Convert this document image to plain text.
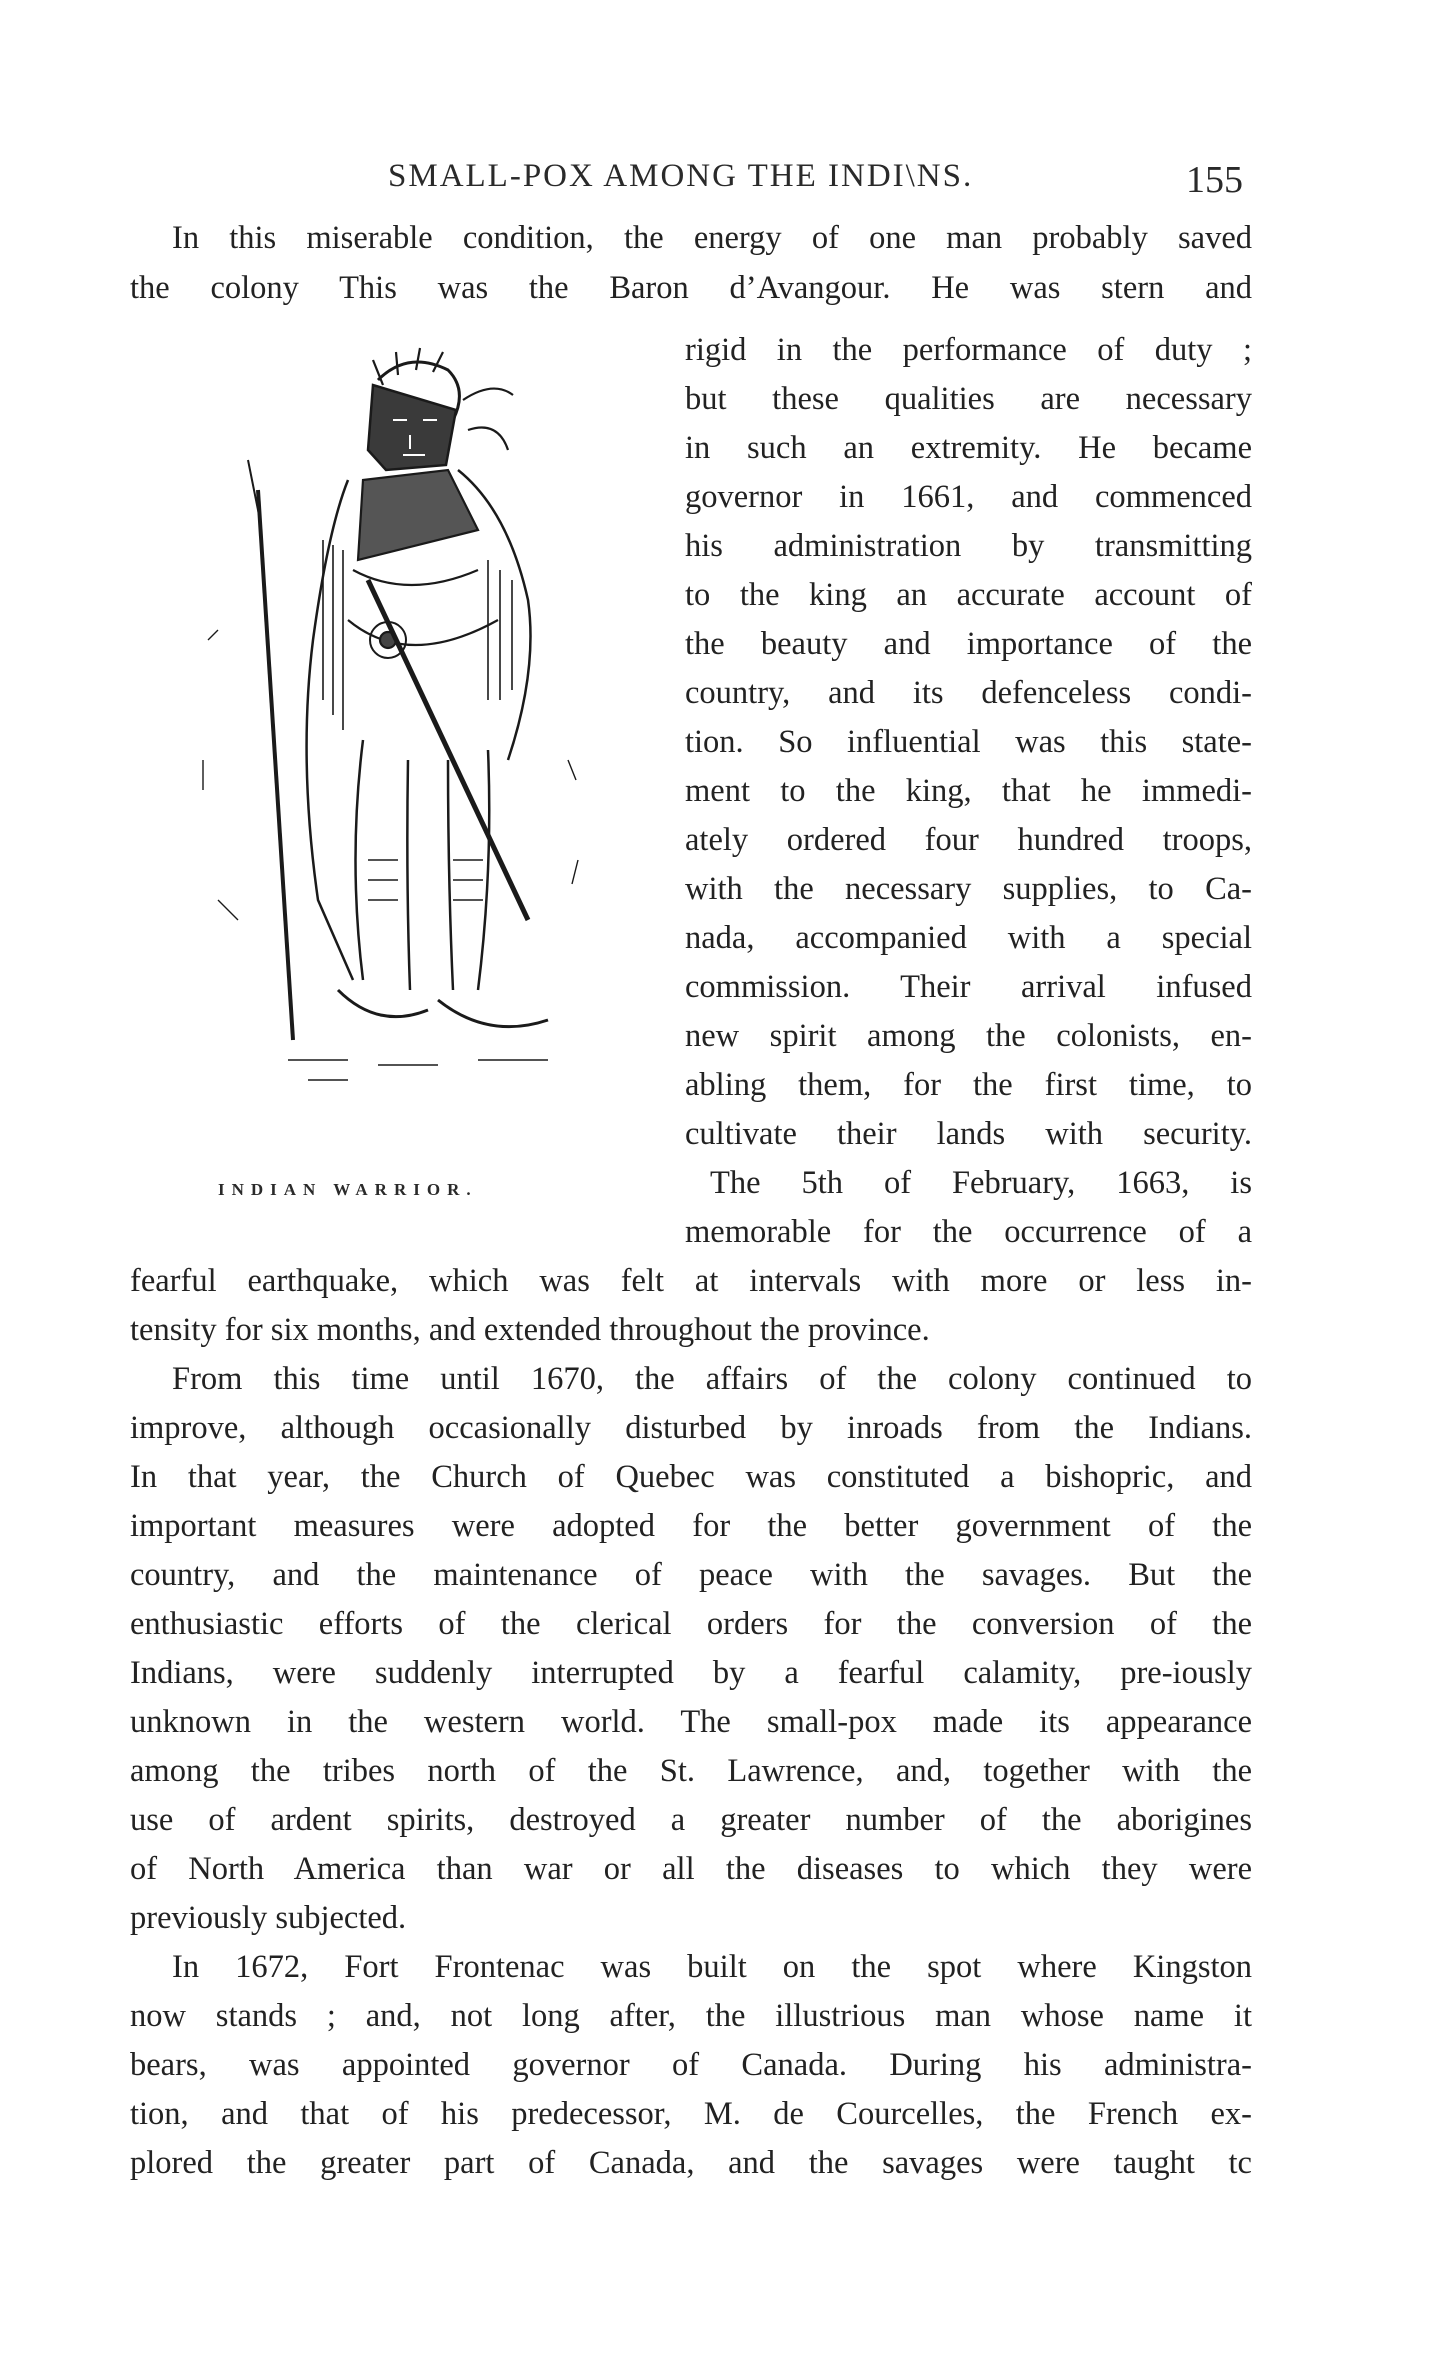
SMALL-POX AMONG THE INDI\NS.	155
INDIAN WARRIOR.
In this miserable condition, the energy of one man probably saved
the colony This was the Baron d’Avangour. He was stern and
rigid in the performance of duty ;
but these qualities are necessary
in such an extremity. He became
governor in 1661, and commenced
his administration by transmitting
to the king an accurate account of
the beauty and importance of the
country, and its defenceless condi-
tion. So influential was this state-
ment to the king, that he immedi-
ately ordered four hundred troops,
with the necessary supplies, to Ca-
nada, accompanied with a special
commission. Their arrival infused
new spirit among the colonists, en-
abling them, for the first time, to
cultivate their lands with security.
The 5th of February, 1663, is
memorable for the occurrence of a
fearful earthquake, which was felt at intervals with more or less in-
tensity for six months, and extended throughout the province.
From this time until 1670, the affairs of the colony continued to
improve, although occasionally disturbed by inroads from the Indians.
In that year, the Church of Quebec was constituted a bishopric, and
important measures were adopted for the better government of the
country, and the maintenance of peace with the savages. But the
enthusiastic efforts of the clerical orders for the conversion of the
Indians, were suddenly interrupted by a fearful calamity, pre-iously
unknown in the western world. The small-pox made its appearance
among the tribes north of the St. Lawrence, and, together with the
use of ardent spirits, destroyed a greater number of the aborigines
of North America than war or all the diseases to which they were
previously subjected.
In 1672, Fort Frontenac was built on the spot where Kingston
now stands ; and, not long after, the illustrious man whose name it
bears, was appointed governor of Canada. During his administra-
tion, and that of his predecessor, M. de Courcelles, the French ex-
plored the greater part of Canada, and the savages were taught tc
